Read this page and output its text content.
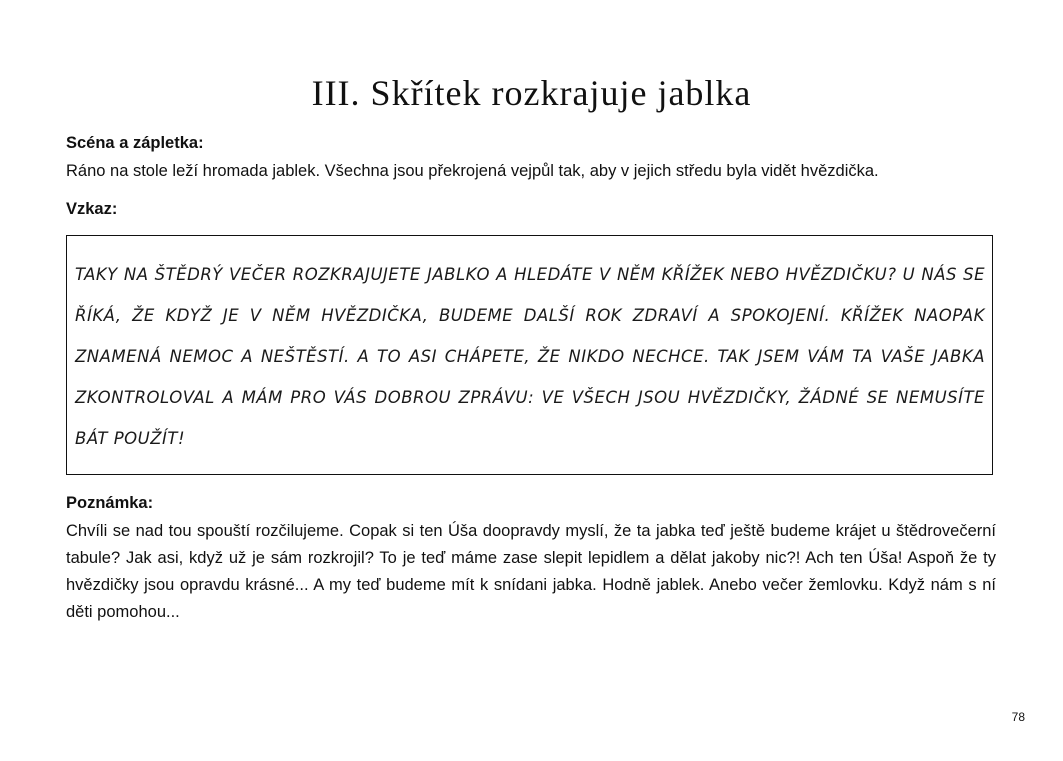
III. Skřítek rozkrajuje jablka
Scéna a zápletka:
Ráno na stole leží hromada jablek. Všechna jsou překrojená vejpůl tak, aby v jejich středu byla vidět hvězdička.
Vzkaz:
TAKY NA ŠTĚDRÝ VEČER ROZKRAJUJETE JABLKO A HLEDÁTE V NĚM KŘÍŽEK NEBO HVĚZDIČKU? U NÁS SE ŘÍKÁ, ŽE KDYŽ JE V NĚM HVĚZDIČKA, BUDEME DALŠÍ ROK ZDRAVÍ A SPOKOJENÍ. KŘÍŽEK NAOPAK ZNAMENÁ NEMOC A NEŠTĚSTÍ. A TO ASI CHÁPETE, ŽE NIKDO NECHCE. TAK JSEM VÁM TA VAŠE JABKA ZKONTROLOVAL A MÁM PRO VÁS DOBROU ZPRÁVU: VE VŠECH JSOU HVĚZDIČKY, ŽÁDNÉ SE NEMUSÍTE BÁT POUŽÍT!
Poznámka:
Chvíli se nad tou spouští rozčilujeme. Copak si ten Úša doopravdy myslí, že ta jabka teď ještě budeme krájet u štědrovečerní tabule? Jak asi, když už je sám rozkrojil? To je teď máme zase slepit lepidlem a dělat jakoby nic?! Ach ten Úša! Aspoň že ty hvězdičky jsou opravdu krásné... A my teď budeme mít k snídani jabka. Hodně jablek. Anebo večer žemlovku. Když nám s ní děti pomohou...
78
